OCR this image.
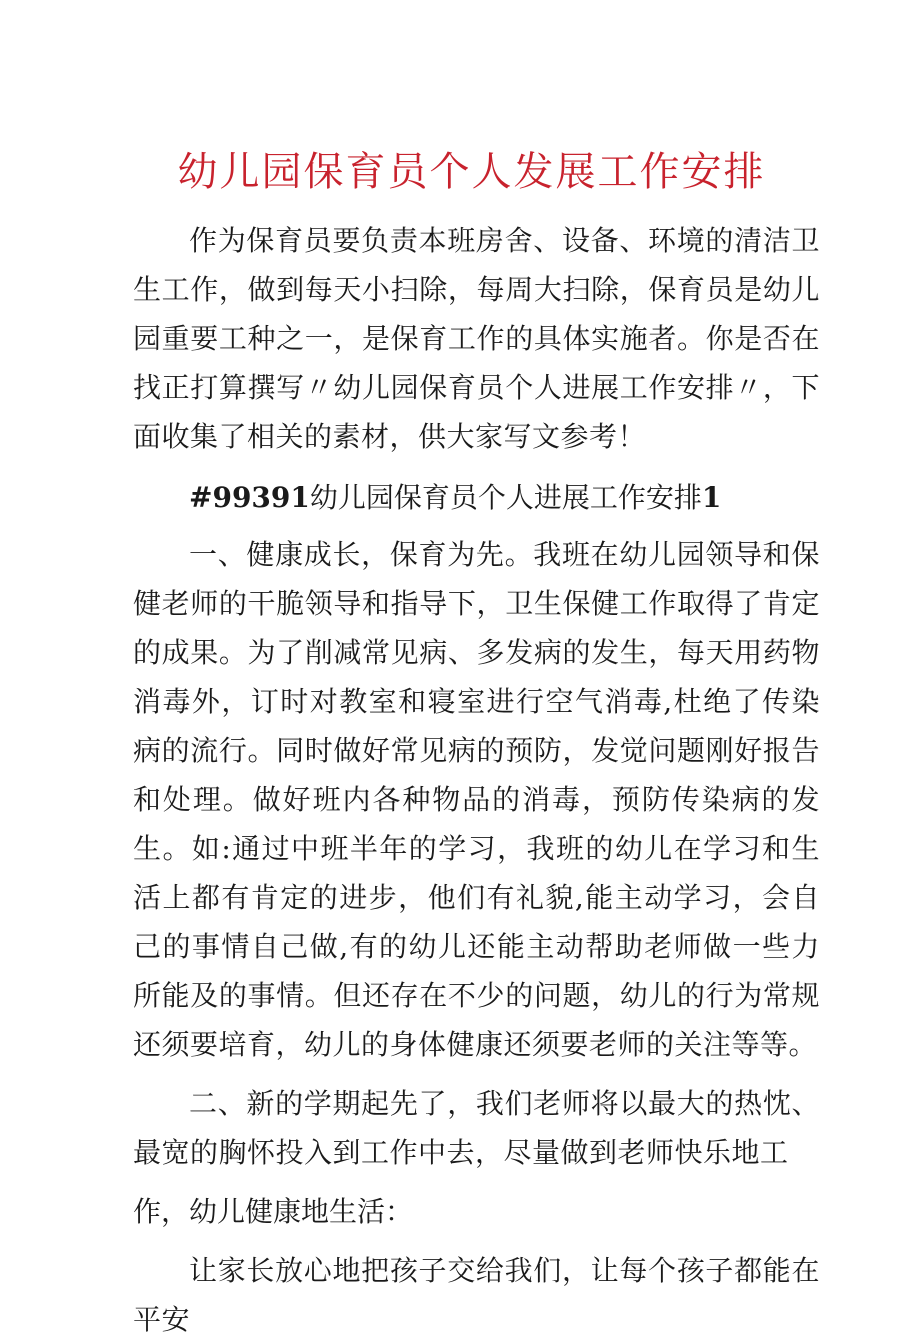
幼儿园保育员个人发展工作安排

作为保育员要负责本班房舍、设备、环境的清洁卫生工作，做到每天小扫除，每周大扫除，保育员是幼儿园重要工种之一，是保育工作的具体实施者。你是否在找正打算撰写〃幼儿园保育员个人进展工作安排〃，下面收集了相关的素材，供大家写文参考！

#99391幼儿园保育员个人进展工作安排1

一、健康成长，保育为先。我班在幼儿园领导和保健老师的干脆领导和指导下，卫生保健工作取得了肯定的成果。为了削减常见病、多发病的发生，每天用药物消毒外，订时对教室和寝室进行空气消毒,杜绝了传染病的流行。同时做好常见病的预防，发觉问题刚好报告和处理。做好班内各种物品的消毒，预防传染病的发生。如:通过中班半年的学习，我班的幼儿在学习和生活上都有肯定的进步，他们有礼貌,能主动学习，会自己的事情自己做,有的幼儿还能主动帮助老师做一些力所能及的事情。但还存在不少的问题，幼儿的行为常规还须要培育，幼儿的身体健康还须要老师的关注等等。

二、新的学期起先了，我们老师将以最大的热忱、最宽的胸怀投入到工作中去，尽量做到老师快乐地工

作，幼儿健康地生活：

让家长放心地把孩子交给我们，让每个孩子都能在平安
